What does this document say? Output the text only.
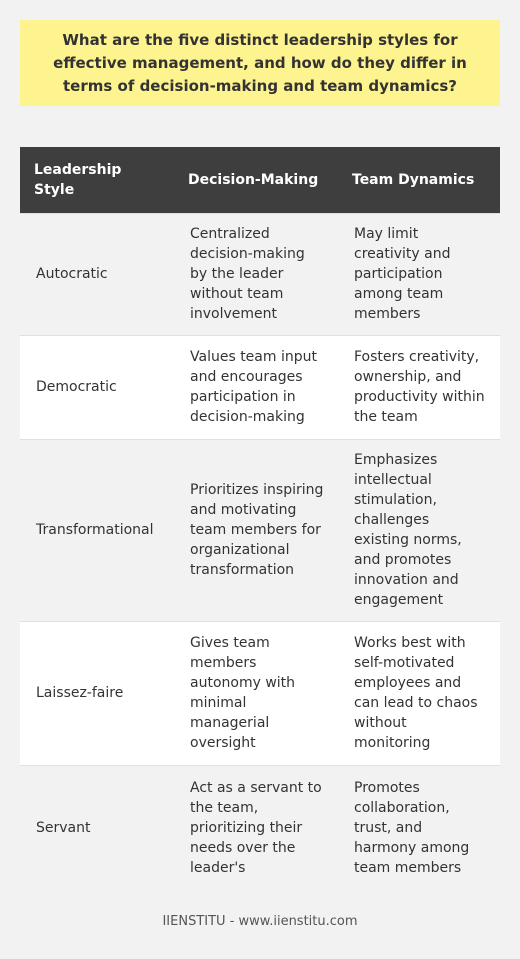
What are the five distinct leadership styles for effective management, and how do they differ in terms of decision-making and team dynamics?
Leadership Style	Decision-Making	Team Dynamics
Autocratic	Centralized decision-making by the leader without team involvement	May limit creativity and participation among team members
Democratic	Values team input and encourages participation in decision-making	Fosters creativity, ownership, and productivity within the team
Transformational	Prioritizes inspiring and motivating team members for organizational transformation	Emphasizes intellectual stimulation, challenges existing norms, and promotes innovation and engagement
Laissez-faire	Gives team members autonomy with minimal managerial oversight	Works best with self-motivated employees and can lead to chaos without monitoring
Servant	Act as a servant to the team, prioritizing their needs over the leader's	Promotes collaboration, trust, and harmony among team members
IIENSTITU - www.iienstitu.com
